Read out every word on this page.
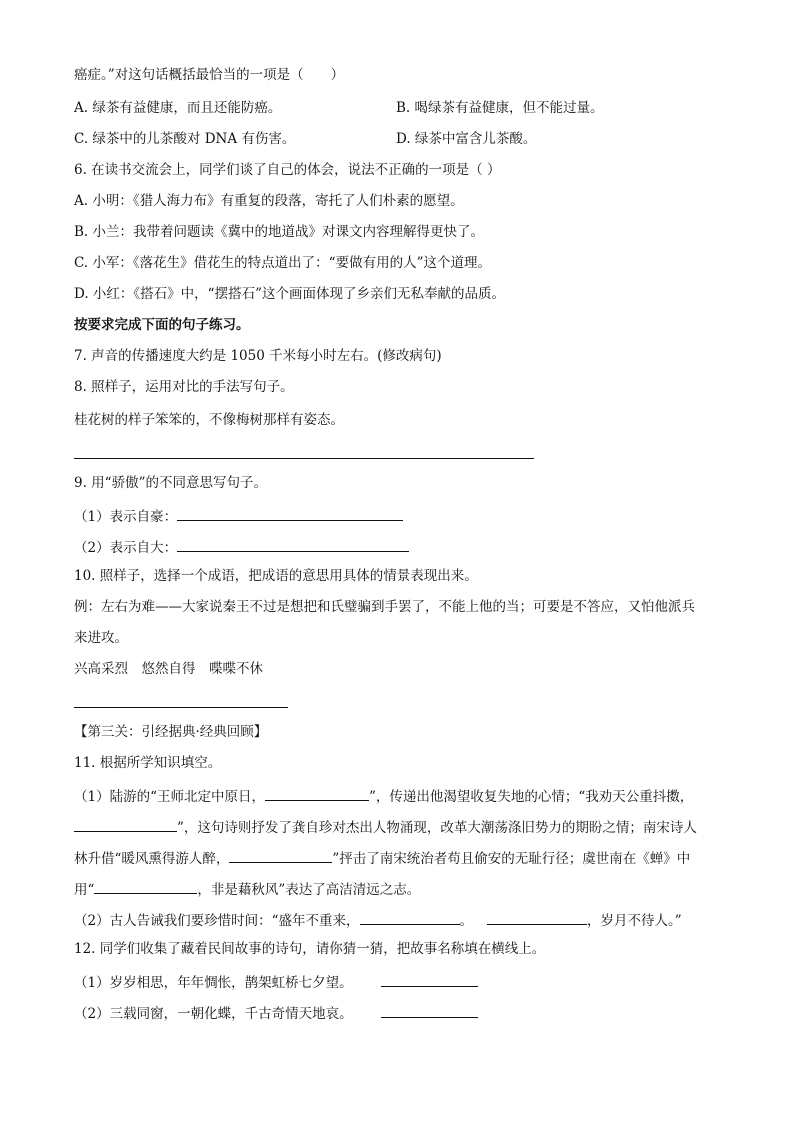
癌症。”对这句话概括最恰当的一项是（　　）
A. 绿茶有益健康，而且还能防癌。	B. 喝绿茶有益健康，但不能过量。
C. 绿茶中的儿茶酸对 DNA 有伤害。	D. 绿茶中富含儿茶酸。
6. 在读书交流会上，同学们谈了自己的体会，说法不正确的一项是（ ）
A. 小明：《猎人海力布》有重复的段落，寄托了人们朴素的愿望。
B. 小兰：我带着问题读《冀中的地道战》对课文内容理解得更快了。
C. 小军：《落花生》借花生的特点道出了：“要做有用的人”这个道理。
D. 小红：《搭石》中，“摆搭石”这个画面体现了乡亲们无私奉献的品质。
按要求完成下面的句子练习。
7. 声音的传播速度大约是 1050 千米每小时左右。(修改病句)
8. 照样子，运用对比的手法写句子。
桂花树的样子笨笨的，不像梅树那样有姿态。
9. 用“骄傲”的不同意思写句子。
（1）表示自豪：
（2）表示自大：
10. 照样子，选择一个成语，把成语的意思用具体的情景表现出来。
例：左右为难——大家说秦王不过是想把和氏璧骗到手罢了，不能上他的当；可要是不答应，又怕他派兵
来进攻。
兴高采烈　悠然自得　喋喋不休
【第三关：引经据典·经典回顾】
11. 根据所学知识填空。
（1）陆游的“王师北定中原日，	”，传递出他渴望收复失地的心情；“我劝天公重抖擞，
”，这句诗则抒发了龚自珍对杰出人物涌现，改革大潮荡涤旧势力的期盼之情；南宋诗人
林升借“暖风熏得游人醉，	”抨击了南宋统治者苟且偷安的无耻行径；虞世南在《蝉》中
用“	，非是藉秋风”表达了高洁清远之志。
（2）古人告诫我们要珍惜时间：“盛年不重来，	。	，岁月不待人。”
12. 同学们收集了藏着民间故事的诗句，请你猜一猜，把故事名称填在横线上。
（1）岁岁相思，年年惆怅，鹊架虹桥七夕望。
（2）三载同窗，一朝化蝶，千古奇情天地哀。
